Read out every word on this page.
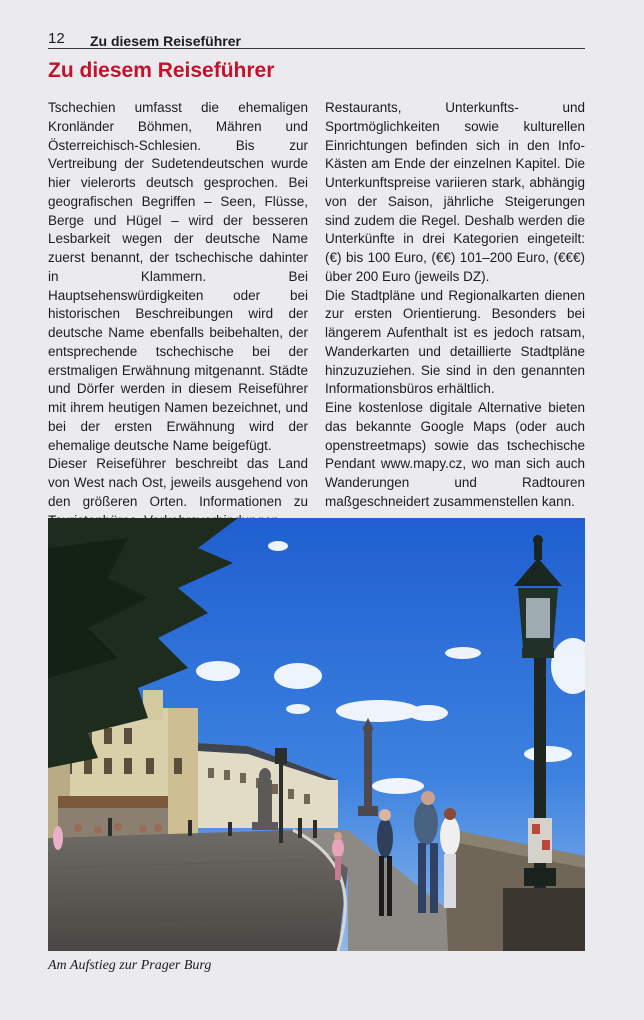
12 Zu diesem Reiseführer
Zu diesem Reiseführer

Tschechien umfasst die ehemaligen Kronländer Böhmen, Mähren und Österreichisch-Schlesien. Bis zur Vertreibung der Sudetendeutschen wurde hier vielerorts deutsch gesprochen. Bei geografischen Begriffen – Seen, Flüsse, Berge und Hügel – wird der besseren Lesbarkeit wegen der deutsche Name zuerst benannt, der tschechische dahinter in Klammern. Bei Hauptsehenswürdigkeiten oder bei historischen Beschreibungen wird der deutsche Name ebenfalls beibehalten, der entsprechende tschechische bei der erstmaligen Erwähnung mitgenannt. Städte und Dörfer werden in diesem Reiseführer mit ihrem heutigen Namen bezeichnet, und bei der ersten Erwähnung wird der ehemalige deutsche Name beigefügt.

Dieser Reiseführer beschreibt das Land von West nach Ost, jeweils ausgehend von den größeren Orten. Informationen zu

Restaurants, Unterkunfts- und Sportmöglichkeiten sowie kulturellen Einrichtungen befinden sich in den Info-Kästen am Ende der einzelnen Kapitel. Die Unterkunftspreise variieren stark, abhängig von der Saison, jährliche Steigerungen sind zudem die Regel. Deshalb werden die Unterkünfte in drei Kategorien eingeteilt: (€) bis 100 Euro, (€€) 101–200 Euro, (€€€) über 200 Euro (jeweils DZ).

Die Stadtpläne und Regionalkarten dienen zur ersten Orientierung. Besonders bei längerem Aufenthalt ist es jedoch ratsam, Wanderkarten und detaillierte Stadtpläne hinzuzuziehen. Sie sind in den genannten Informationsbüros erhältlich.

Eine kostenlose digitale Alternative bieten das bekannte Google Maps (oder auch openstreetmaps) sowie das tschechische Pendant www.mapy.cz, wo man sich auch Wanderungen und Radtouren maßgeschneidert zusammenstellen kann.

Am Aufstieg zur Prager Burg
